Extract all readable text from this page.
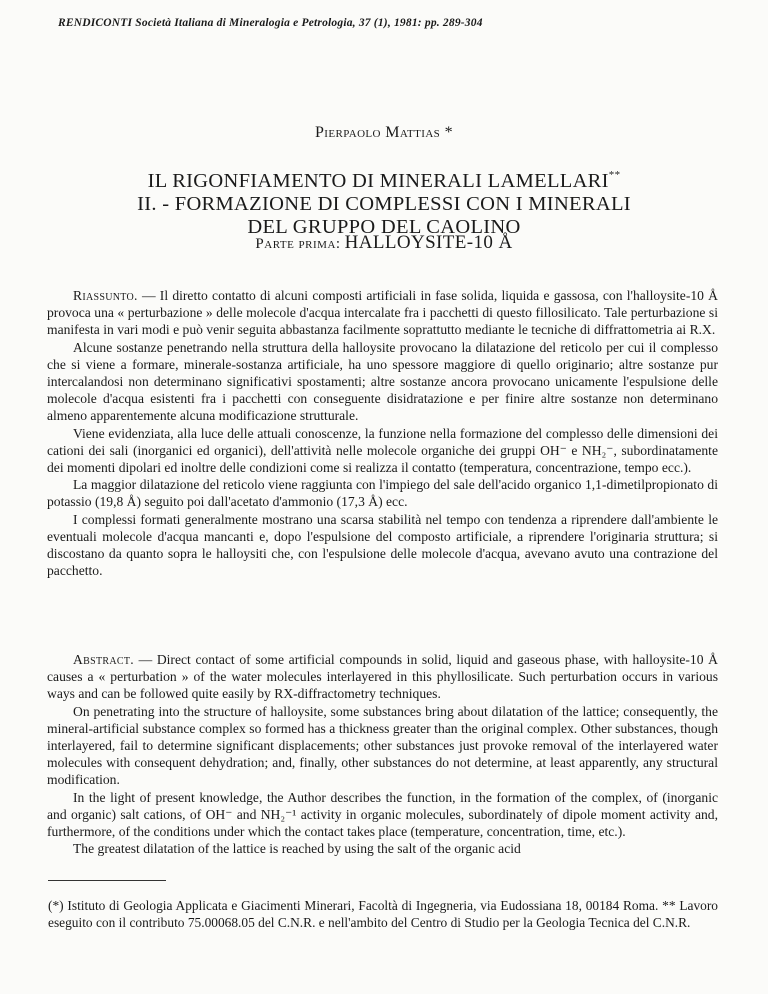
RENDICONTI Società Italiana di Mineralogia e Petrologia, 37 (1), 1981: pp. 289-304
Pierpaolo Mattias *
IL RIGONFIAMENTO DI MINERALI LAMELLARI**
II. - FORMAZIONE DI COMPLESSI CON I MINERALI
DEL GRUPPO DEL CAOLINO
Parte prima: HALLOYSITE-10 Å

Riassunto. — Il diretto contatto di alcuni composti artificiali in fase solida, liquida e gassosa, con l'halloysite-10 Å provoca una « perturbazione » delle molecole d'acqua intercalate fra i pacchetti di questo fillosilicato. Tale perturbazione si manifesta in vari modi e può venir seguita abbastanza facilmente soprattutto mediante le tecniche di diffrattometria ai R.X.

Alcune sostanze penetrando nella struttura della halloysite provocano la dilatazione del reticolo per cui il complesso che si viene a formare, minerale-sostanza artificiale, ha uno spessore maggiore di quello originario; altre sostanze pur intercalandosi non determinano significativi spostamenti; altre sostanze ancora provocano unicamente l'espulsione delle molecole d'acqua esistenti fra i pacchetti con conseguente disidratazione e per finire altre sostanze non determinano almeno apparentemente alcuna modificazione strutturale.

Viene evidenziata, alla luce delle attuali conoscenze, la funzione nella formazione del complesso delle dimensioni dei cationi dei sali (inorganici ed organici), dell'attività nelle molecole organiche dei gruppi OH⁻ e NH₂⁻, subordinatamente dei momenti dipolari ed inoltre delle condizioni come si realizza il contatto (temperatura, concentrazione, tempo ecc.).

La maggior dilatazione del reticolo viene raggiunta con l'impiego del sale dell'acido organico 1,1-dimetilpropionato di potassio (19,8 Å) seguito poi dall'acetato d'ammonio (17,3 Å) ecc.

I complessi formati generalmente mostrano una scarsa stabilità nel tempo con tendenza a riprendere dall'ambiente le eventuali molecole d'acqua mancanti e, dopo l'espulsione del composto artificiale, a riprendere l'originaria struttura; si discostano da quanto sopra le halloysiti che, con l'espulsione delle molecole d'acqua, avevano avuto una contrazione del pacchetto.

Abstract. — Direct contact of some artificial compounds in solid, liquid and gaseous phase, with halloysite-10 Å causes a « perturbation » of the water molecules interlayered in this phyllosilicate. Such perturbation occurs in various ways and can be followed quite easily by RX-diffractometry techniques.

On penetrating into the structure of halloysite, some substances bring about dilatation of the lattice; consequently, the mineral-artificial substance complex so formed has a thickness greater than the original complex. Other substances, though interlayered, fail to determine significant displacements; other substances just provoke removal of the interlayered water molecules with consequent dehydration; and, finally, other substances do not determine, at least apparently, any structural modification.

In the light of present knowledge, the Author describes the function, in the formation of the complex, of (inorganic and organic) salt cations, of OH⁻ and NH₂⁻¹ activity in organic molecules, subordinately of dipole moment activity and, furthermore, of the conditions under which the contact takes place (temperature, concentration, time, etc.).

The greatest dilatation of the lattice is reached by using the salt of the organic acid

(*) Istituto di Geologia Applicata e Giacimenti Minerari, Facoltà di Ingegneria, via Eudossiana 18, 00184 Roma. ** Lavoro eseguito con il contributo 75.00068.05 del C.N.R. e nell'ambito del Centro di Studio per la Geologia Tecnica del C.N.R.
